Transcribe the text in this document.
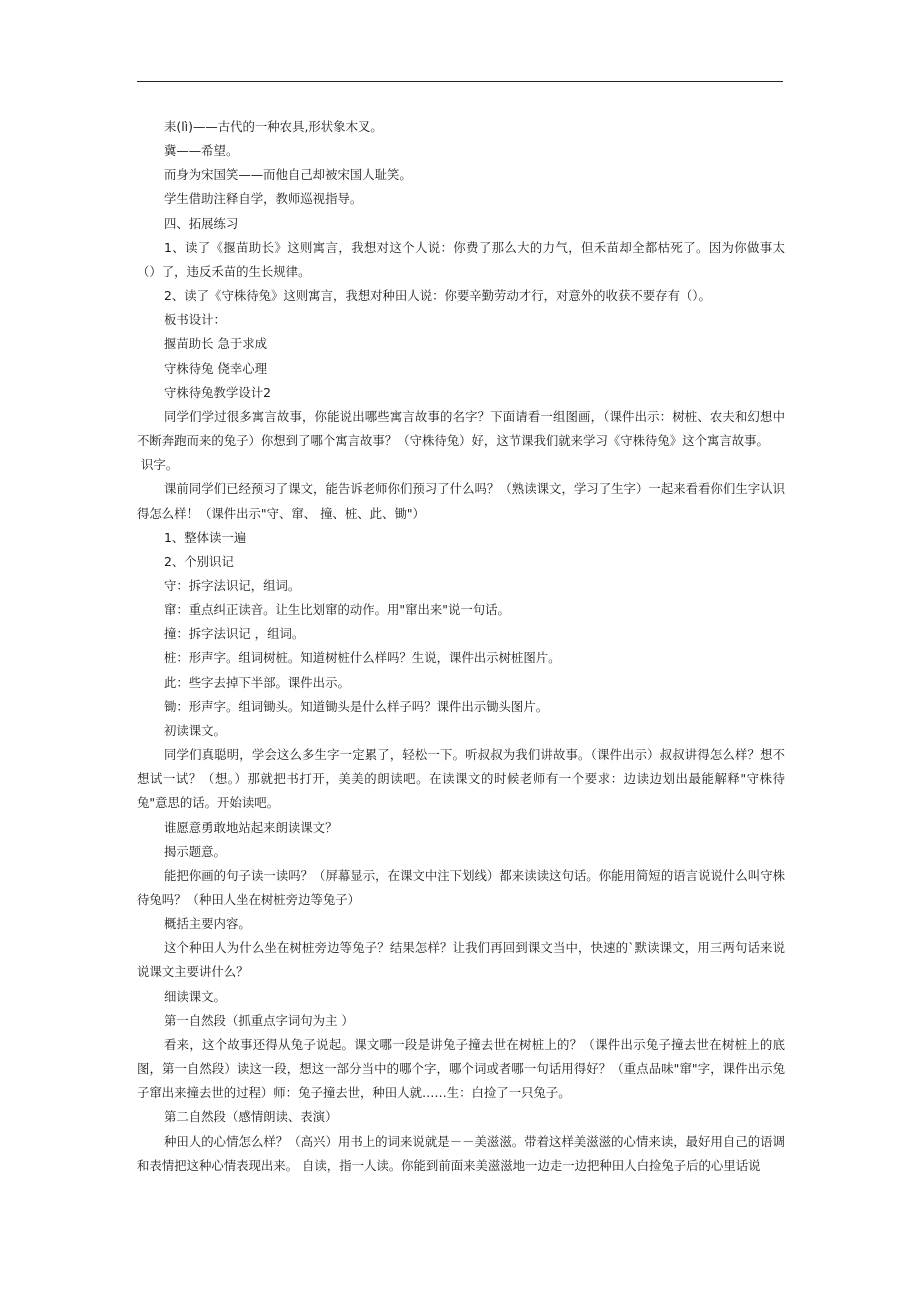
耒(lì)——古代的一种农具,形状象木叉。

冀——希望。

而身为宋国笑——而他自己却被宋国人耻笑。

学生借助注释自学，教师巡视指导。

四、拓展练习

1、读了《揠苗助长》这则寓言，我想对这个人说：你费了那么大的力气，但禾苗却全都枯死了。因为你做事太（）了，违反禾苗的生长规律。

2、读了《守株待兔》这则寓言，我想对种田人说：你要辛勤劳动才行，对意外的收获不要存有（）。

板书设计：

揠苗助长 急于求成

守株待兔 侥幸心理

守株待兔教学设计2

同学们学过很多寓言故事，你能说出哪些寓言故事的名字？下面请看一组图画，（课件出示：树桩、农夫和幻想中不断奔跑而来的兔子）你想到了哪个寓言故事？（守株待兔）好，这节课我们就来学习《守株待兔》这个寓言故事。

识字。

课前同学们已经预习了课文，能告诉老师你们预习了什么吗？（熟读课文，学习了生字）一起来看看你们生字认识得怎么样！（课件出示"守、窜、 撞、桩、此、锄"）

1、整体读一遍

2、个别识记

守：拆字法识记，组词。

窜：重点纠正读音。让生比划窜的动作。用"窜出来"说一句话。

撞：拆字法识记 ，组词。

桩：形声字。组词树桩。知道树桩什么样吗？生说，课件出示树桩图片。

此：些字去掉下半部。课件出示。

锄：形声字。组词锄头。知道锄头是什么样子吗？课件出示锄头图片。

初读课文。

同学们真聪明，学会这么多生字一定累了，轻松一下。听叔叔为我们讲故事。（课件出示）叔叔讲得怎么样？想不想试一试？（想。）那就把书打开，美美的朗读吧。在读课文的时候老师有一个要求：边读边划出最能解释"守株待兔"意思的话。开始读吧。

谁愿意勇敢地站起来朗读课文？

揭示题意。

能把你画的句子读一读吗？（屏幕显示，在课文中注下划线）都来读读这句话。你能用简短的语言说说什么叫守株待兔吗？（种田人坐在树桩旁边等兔子）

概括主要内容。

这个种田人为什么坐在树桩旁边等兔子？结果怎样？让我们再回到课文当中，快速的`默读课文，用三两句话来说说课文主要讲什么？

细读课文。

第一自然段（抓重点字词句为主 ）

看来，这个故事还得从兔子说起。课文哪一段是讲兔子撞去世在树桩上的？（课件出示兔子撞去世在树桩上的底图，第一自然段）读这一段，想这一部分当中的哪个字，哪个词或者哪一句话用得好？（重点品味"窜"字，课件出示兔子窜出来撞去世的过程）师：兔子撞去世，种田人就……生：白捡了一只兔子。

第二自然段（感情朗读、表演）

种田人的心情怎么样？（高兴）用书上的词来说就是－－美滋滋。带着这样美滋滋的心情来读，最好用自己的语调和表情把这种心情表现出来。 自读，指一人读。你能到前面来美滋滋地一边走一边把种田人白捡兔子后的心里话说
